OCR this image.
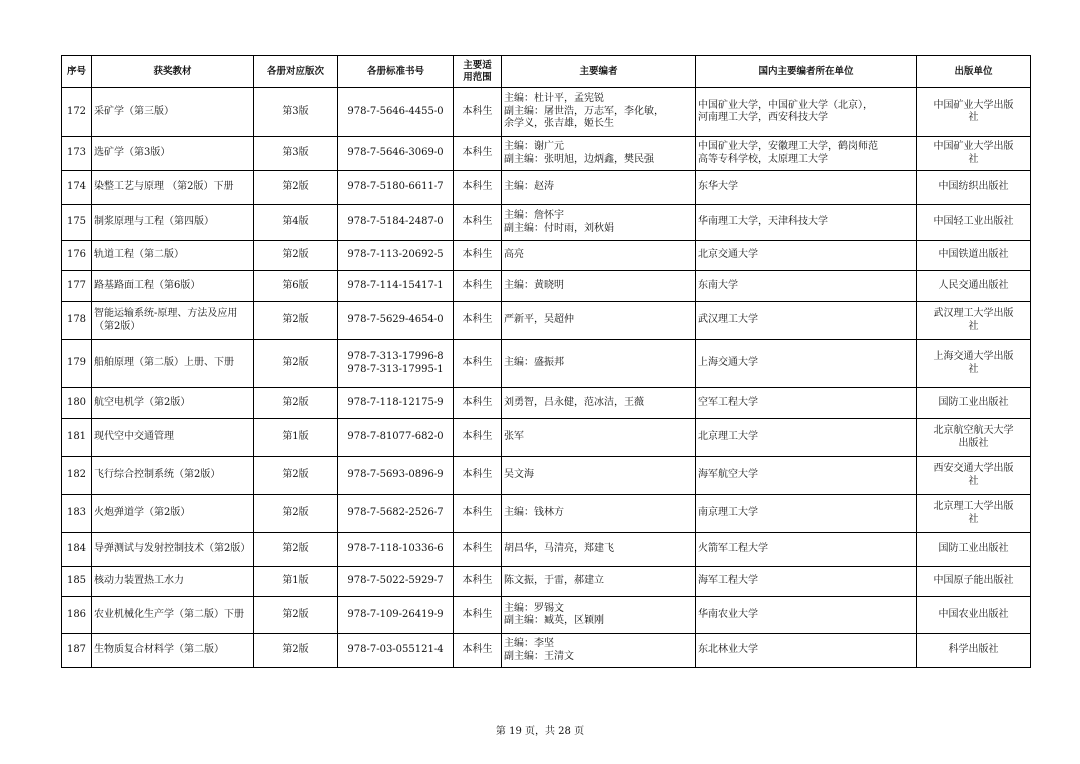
序号	获奖教材	各册对应版次	各册标准书号	主要适用范围	主要编者	国内主要编者所在单位	出版单位
172	采矿学（第三版）	第3版	978-7-5646-4455-0	本科生	主编：杜计平，孟宪锐
副主编：屠世浩，万志军，李化敏，
余学义，张吉雄，姬长生	中国矿业大学，中国矿业大学（北京），
河南理工大学，西安科技大学	中国矿业大学出版
社

173	选矿学（第3版）	第3版	978-7-5646-3069-0	本科生	主编：谢广元
副主编：张明旭，边炳鑫，樊民强	中国矿业大学，安徽理工大学，鹤岗师范
高等专科学校，太原理工大学	中国矿业大学出版
社

174	染整工艺与原理 （第2版）下册	第2版	978-7-5180-6611-7	本科生	主编：赵涛	东华大学	中国纺织出版社

175	制浆原理与工程（第四版）	第4版	978-7-5184-2487-0	本科生	主编：詹怀宇
副主编：付时雨，刘秋娟	华南理工大学，天津科技大学	中国轻工业出版社

176	轨道工程（第二版）	第2版	978-7-113-20692-5	本科生	高亮	北京交通大学	中国铁道出版社

177	路基路面工程（第6版）	第6版	978-7-114-15417-1	本科生	主编：黄晓明	东南大学	人民交通出版社

178	智能运输系统-原理、方法及应用（第2版）	第2版	978-7-5629-4654-0	本科生	严新平，吴超仲	武汉理工大学	武汉理工大学出版
社

179	船舶原理（第二版）上册、下册	第2版	978-7-313-17996-8
978-7-313-17995-1	本科生	主编：盛振邦	上海交通大学	上海交通大学出版
社

180	航空电机学（第2版）	第2版	978-7-118-12175-9	本科生	刘勇智，吕永健，范冰洁，王薇	空军工程大学	国防工业出版社

181	现代空中交通管理	第1版	978-7-81077-682-0	本科生	张军	北京理工大学	北京航空航天大学
出版社

182	飞行综合控制系统（第2版）	第2版	978-7-5693-0896-9	本科生	吴文海	海军航空大学	西安交通大学出版
社

183	火炮弹道学（第2版）	第2版	978-7-5682-2526-7	本科生	主编：钱林方	南京理工大学	北京理工大学出版
社

184	导弹测试与发射控制技术（第2版）	第2版	978-7-118-10336-6	本科生	胡昌华，马清亮，郑建飞	火箭军工程大学	国防工业出版社

185	核动力装置热工水力	第1版	978-7-5022-5929-7	本科生	陈文振，于雷，郝建立	海军工程大学	中国原子能出版社

186	农业机械化生产学（第二版）下册	第2版	978-7-109-26419-9	本科生	主编：罗锡文
副主编：臧英，区颖刚	华南农业大学	中国农业出版社

187	生物质复合材料学（第二版）	第2版	978-7-03-055121-4	本科生	主编：李坚
副主编：王清文	东北林业大学	科学出版社
第 19 页，共 28 页
